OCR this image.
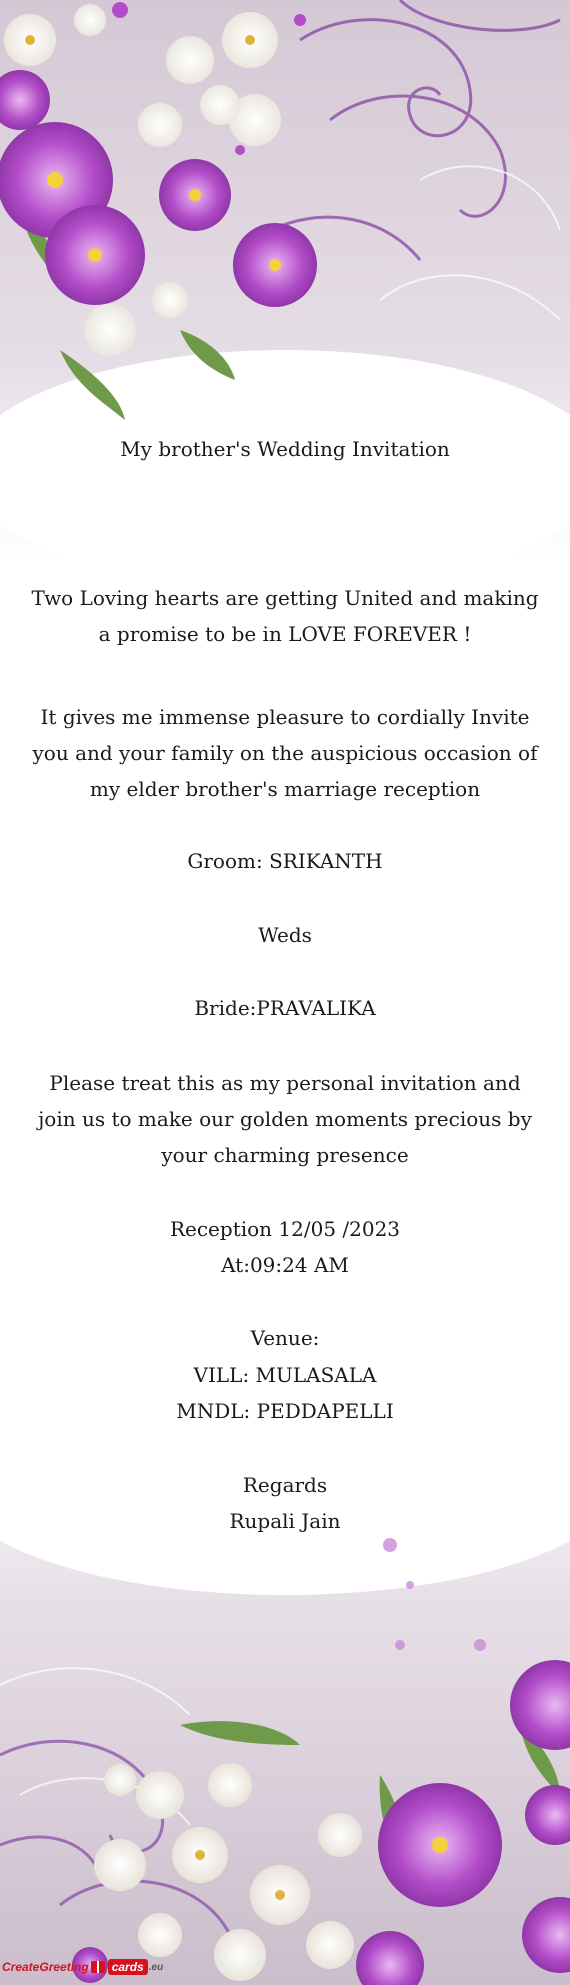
My brother's Wedding Invitation

Two Loving hearts are getting United and making a promise to be in LOVE FOREVER !

It gives me immense pleasure to cordially Invite you and your family on the auspicious occasion of my elder brother's marriage reception

Groom: SRIKANTH

Weds

Bride:PRAVALIKA

Please treat this as my personal invitation and join us to make our golden moments precious by your charming presence

Reception 12/05 /2023

At:09:24 AM

Venue:

VILL: MULASALA

MNDL: PEDDAPELLI

Regards

Rupali Jain

CreateGreeting	cards .eu
